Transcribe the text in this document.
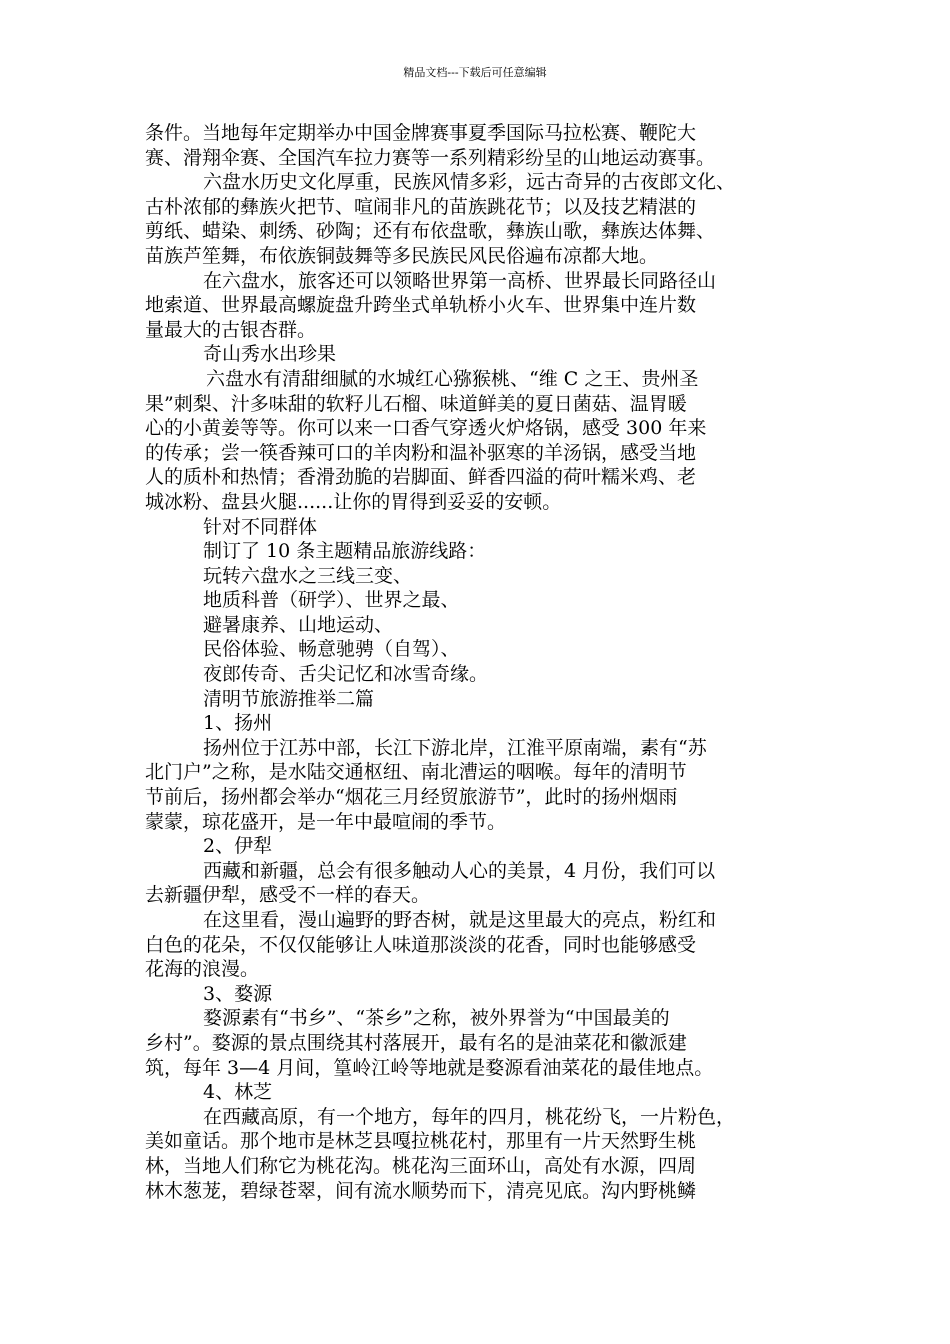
精品文档---下载后可任意编辑
条件。当地每年定期举办中国金牌赛事夏季国际马拉松赛、鞭陀大
赛、滑翔伞赛、全国汽车拉力赛等一系列精彩纷呈的山地运动赛事。
六盘水历史文化厚重，民族风情多彩，远古奇异的古夜郎文化、
古朴浓郁的彝族火把节、喧闹非凡的苗族跳花节；以及技艺精湛的
剪纸、蜡染、刺绣、砂陶；还有布依盘歌，彝族山歌，彝族达体舞、
苗族芦笙舞，布依族铜鼓舞等多民族民风民俗遍布凉都大地。
在六盘水，旅客还可以领略世界第一高桥、世界最长同路径山
地索道、世界最高螺旋盘升跨坐式单轨桥小火车、世界集中连片数
量最大的古银杏群。
奇山秀水出珍果
六盘水有清甜细腻的水城红心猕猴桃、“维 C 之王、贵州圣
果”刺梨、汁多味甜的软籽儿石榴、味道鲜美的夏日菌菇、温胃暖
心的小黄姜等等。你可以来一口香气穿透火炉烙锅，感受 300 年来
的传承；尝一筷香辣可口的羊肉粉和温补驱寒的羊汤锅，感受当地
人的质朴和热情；香滑劲脆的岩脚面、鲜香四溢的荷叶糯米鸡、老
城冰粉、盘县火腿......让你的胃得到妥妥的安顿。
针对不同群体
制订了 10 条主题精品旅游线路：
玩转六盘水之三线三变、
地质科普（研学）、世界之最、
避暑康养、山地运动、
民俗体验、畅意驰骋（自驾）、
夜郎传奇、舌尖记忆和冰雪奇缘。
清明节旅游推举二篇
1、扬州
扬州位于江苏中部，长江下游北岸，江淮平原南端，素有“苏
北门户”之称，是水陆交通枢纽、南北漕运的咽喉。每年的清明节
节前后，扬州都会举办“烟花三月经贸旅游节”，此时的扬州烟雨
蒙蒙，琼花盛开，是一年中最喧闹的季节。
2、伊犁
西藏和新疆，总会有很多触动人心的美景，4 月份，我们可以
去新疆伊犁，感受不一样的春天。
在这里看，漫山遍野的野杏树，就是这里最大的亮点，粉红和
白色的花朵，不仅仅能够让人味道那淡淡的花香，同时也能够感受
花海的浪漫。
3、婺源
婺源素有“书乡”、“茶乡”之称，被外界誉为“中国最美的
乡村”。婺源的景点围绕其村落展开，最有名的是油菜花和徽派建
筑，每年 3—4 月间，篁岭江岭等地就是婺源看油菜花的最佳地点。
4、林芝
在西藏高原，有一个地方，每年的四月，桃花纷飞，一片粉色，
美如童话。那个地市是林芝县嘎拉桃花村，那里有一片天然野生桃
林，当地人们称它为桃花沟。桃花沟三面环山，高处有水源，四周
林木葱茏，碧绿苍翠，间有流水顺势而下，清亮见底。沟内野桃鳞
